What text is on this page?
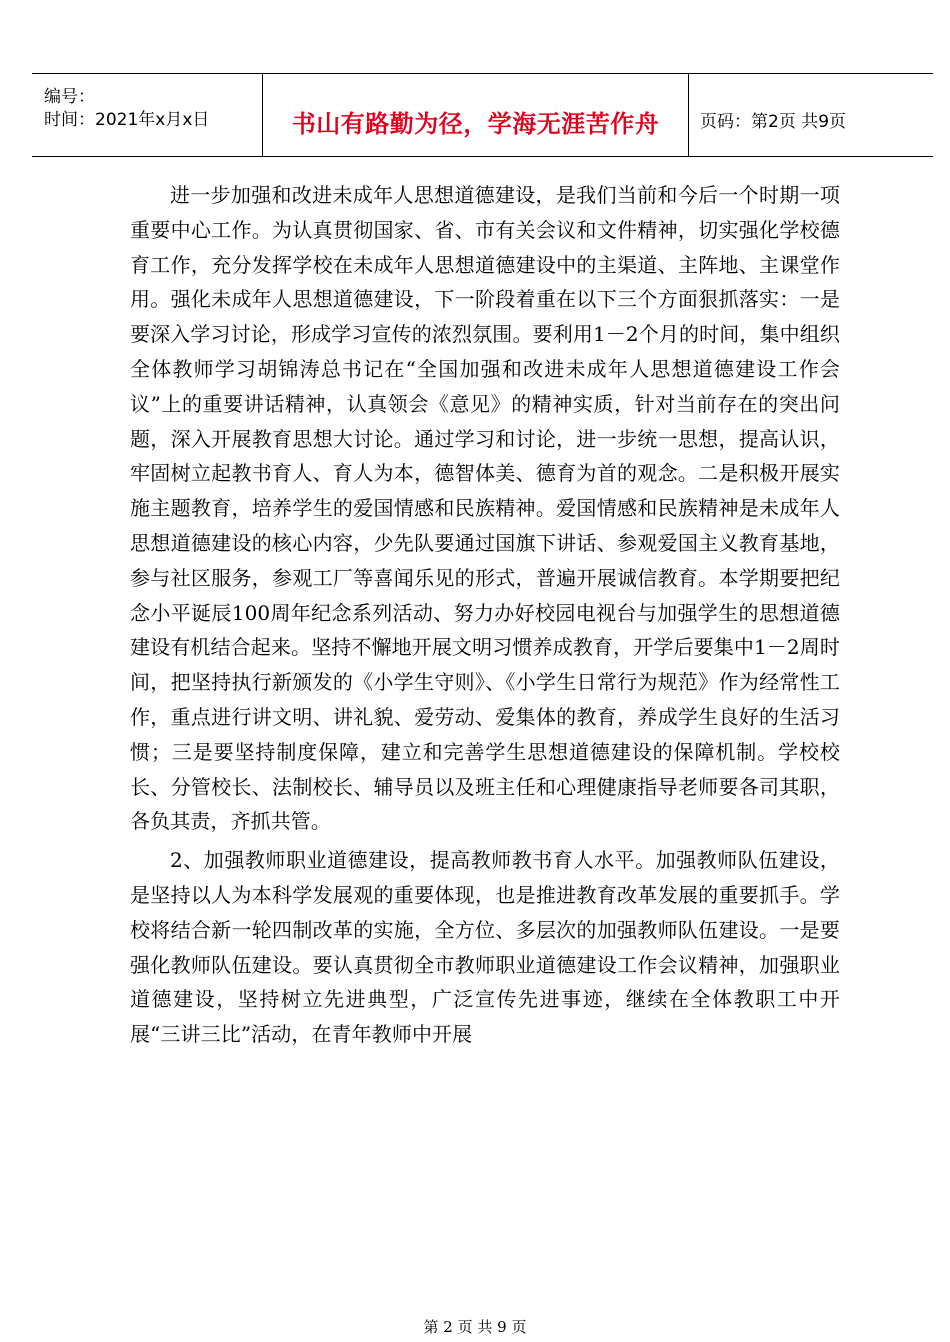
编号：
时间：2021年x月x日	书山有路勤为径，学海无涯苦作舟	页码：第2页 共9页

进一步加强和改进未成年人思想道德建设，是我们当前和今后一个时期一项重要中心工作。为认真贯彻国家、省、市有关会议和文件精神，切实强化学校德育工作，充分发挥学校在未成年人思想道德建设中的主渠道、主阵地、主课堂作用。强化未成年人思想道德建设，下一阶段着重在以下三个方面狠抓落实：一是要深入学习讨论，形成学习宣传的浓烈氛围。要利用1－2个月的时间，集中组织全体教师学习胡锦涛总书记在“全国加强和改进未成年人思想道德建设工作会议”上的重要讲话精神，认真领会《意见》的精神实质，针对当前存在的突出问题，深入开展教育思想大讨论。通过学习和讨论，进一步统一思想，提高认识，牢固树立起教书育人、育人为本，德智体美、德育为首的观念。二是积极开展实施主题教育，培养学生的爱国情感和民族精神。爱国情感和民族精神是未成年人思想道德建设的核心内容，少先队要通过国旗下讲话、参观爱国主义教育基地，参与社区服务，参观工厂等喜闻乐见的形式，普遍开展诚信教育。本学期要把纪念小平诞辰100周年纪念系列活动、努力办好校园电视台与加强学生的思想道德建设有机结合起来。坚持不懈地开展文明习惯养成教育，开学后要集中1－2周时间，把坚持执行新颁发的《小学生守则》、《小学生日常行为规范》作为经常性工作，重点进行讲文明、讲礼貌、爱劳动、爱集体的教育，养成学生良好的生活习惯；三是要坚持制度保障，建立和完善学生思想道德建设的保障机制。学校校长、分管校长、法制校长、辅导员以及班主任和心理健康指导老师要各司其职，各负其责，齐抓共管。

2、加强教师职业道德建设，提高教师教书育人水平。加强教师队伍建设，是坚持以人为本科学发展观的重要体现，也是推进教育改革发展的重要抓手。学校将结合新一轮四制改革的实施，全方位、多层次的加强教师队伍建设。一是要强化教师队伍建设。要认真贯彻全市教师职业道德建设工作会议精神，加强职业道德建设，坚持树立先进典型，广泛宣传先进事迹，继续在全体教职工中开展“三讲三比”活动，在青年教师中开展

第 2 页 共 9 页
